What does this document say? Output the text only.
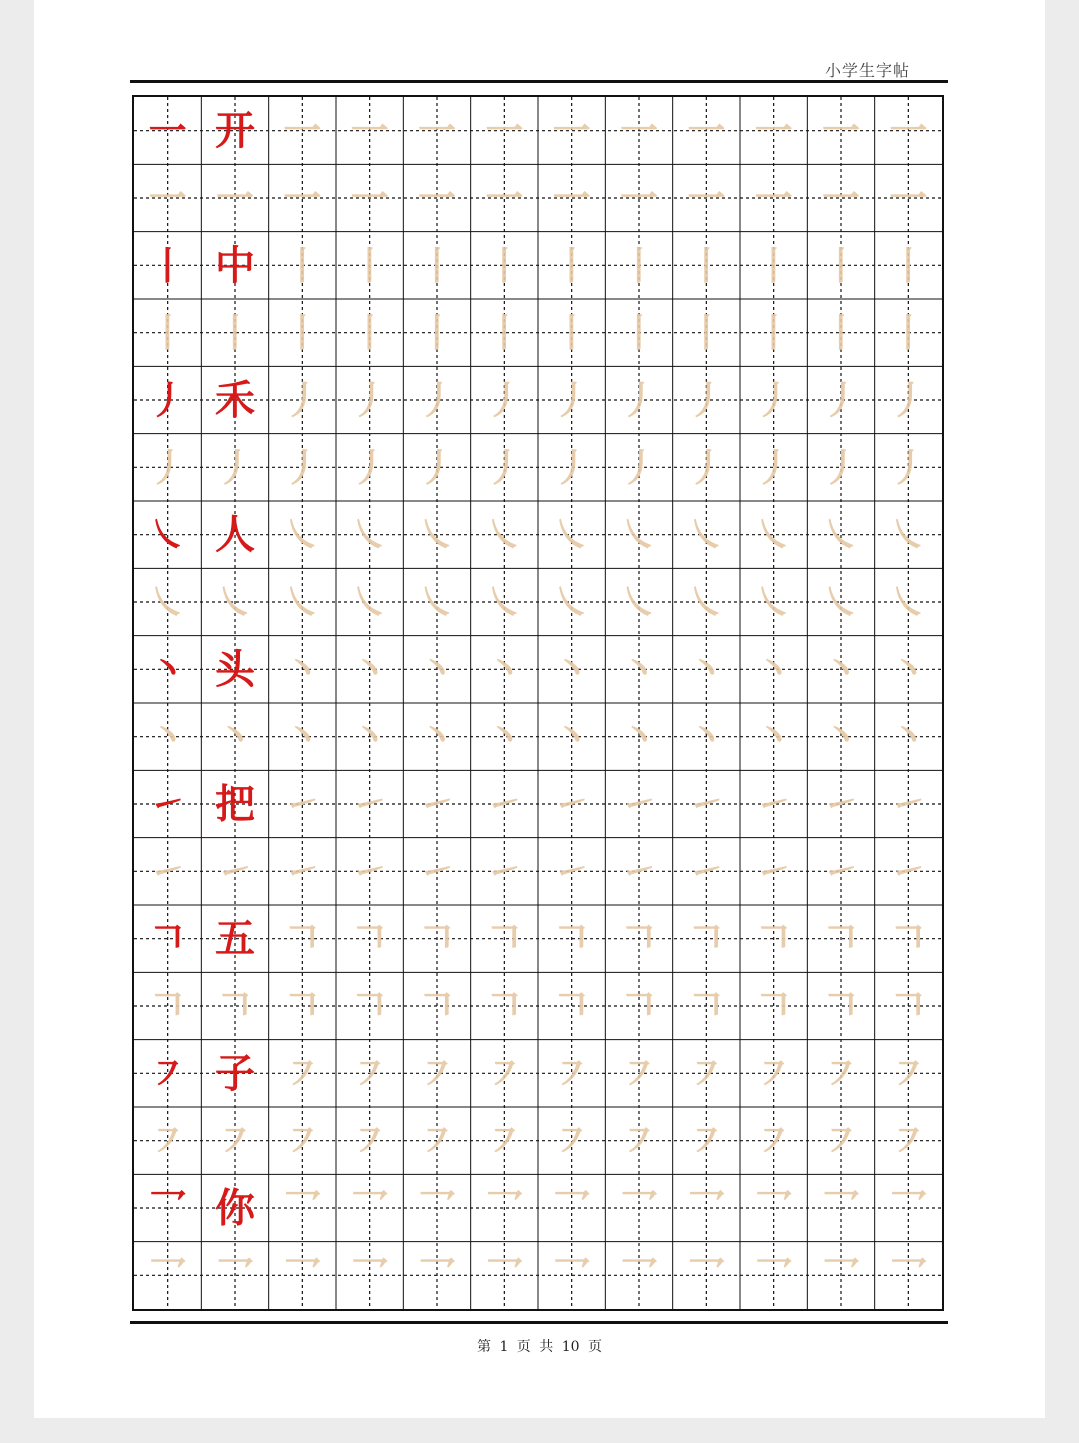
小学生字帖
一 开 一 一 一 一 一 一 一 一 一 一
一 一 一 一 一 一 一 一 一 一 一 一
丨 中 丨 丨 丨 丨 丨 丨 丨 丨 丨 丨
丨 丨 丨 丨 丨 丨 丨 丨 丨 丨 丨 丨
丿 禾 丿 丿 丿 丿 丿 丿 丿 丿 丿 丿
丿 丿 丿 丿 丿 丿 丿 丿 丿 丿 丿 丿
㇏ 人 ㇏ ㇏ ㇏ ㇏ ㇏ ㇏ ㇏ ㇏ ㇏ ㇏
㇏ ㇏ ㇏ ㇏ ㇏ ㇏ ㇏ ㇏ ㇏ ㇏ ㇏ ㇏
丶 头 丶 丶 丶 丶 丶 丶 丶 丶 丶 丶
丶 丶 丶 丶 丶 丶 丶 丶 丶 丶 丶 丶
㇀ 把 ㇀ ㇀ ㇀ ㇀ ㇀ ㇀ ㇀ ㇀ ㇀ ㇀
㇀ ㇀ ㇀ ㇀ ㇀ ㇀ ㇀ ㇀ ㇀ ㇀ ㇀ ㇀
𠃍 五 𠃍 𠃍 𠃍 𠃍 𠃍 𠃍 𠃍 𠃍 𠃍 𠃍
𠃍 𠃍 𠃍 𠃍 𠃍 𠃍 𠃍 𠃍 𠃍 𠃍 𠃍 𠃍
㇇ 子 ㇇ ㇇ ㇇ ㇇ ㇇ ㇇ ㇇ ㇇ ㇇ ㇇
㇇ ㇇ ㇇ ㇇ ㇇ ㇇ ㇇ ㇇ ㇇ ㇇ ㇇ ㇇
乛 你 乛 乛 乛 乛 乛 乛 乛 乛 乛 乛
乛 乛 乛 乛 乛 乛 乛 乛 乛 乛 乛 乛
第 1 页 共 10 页
